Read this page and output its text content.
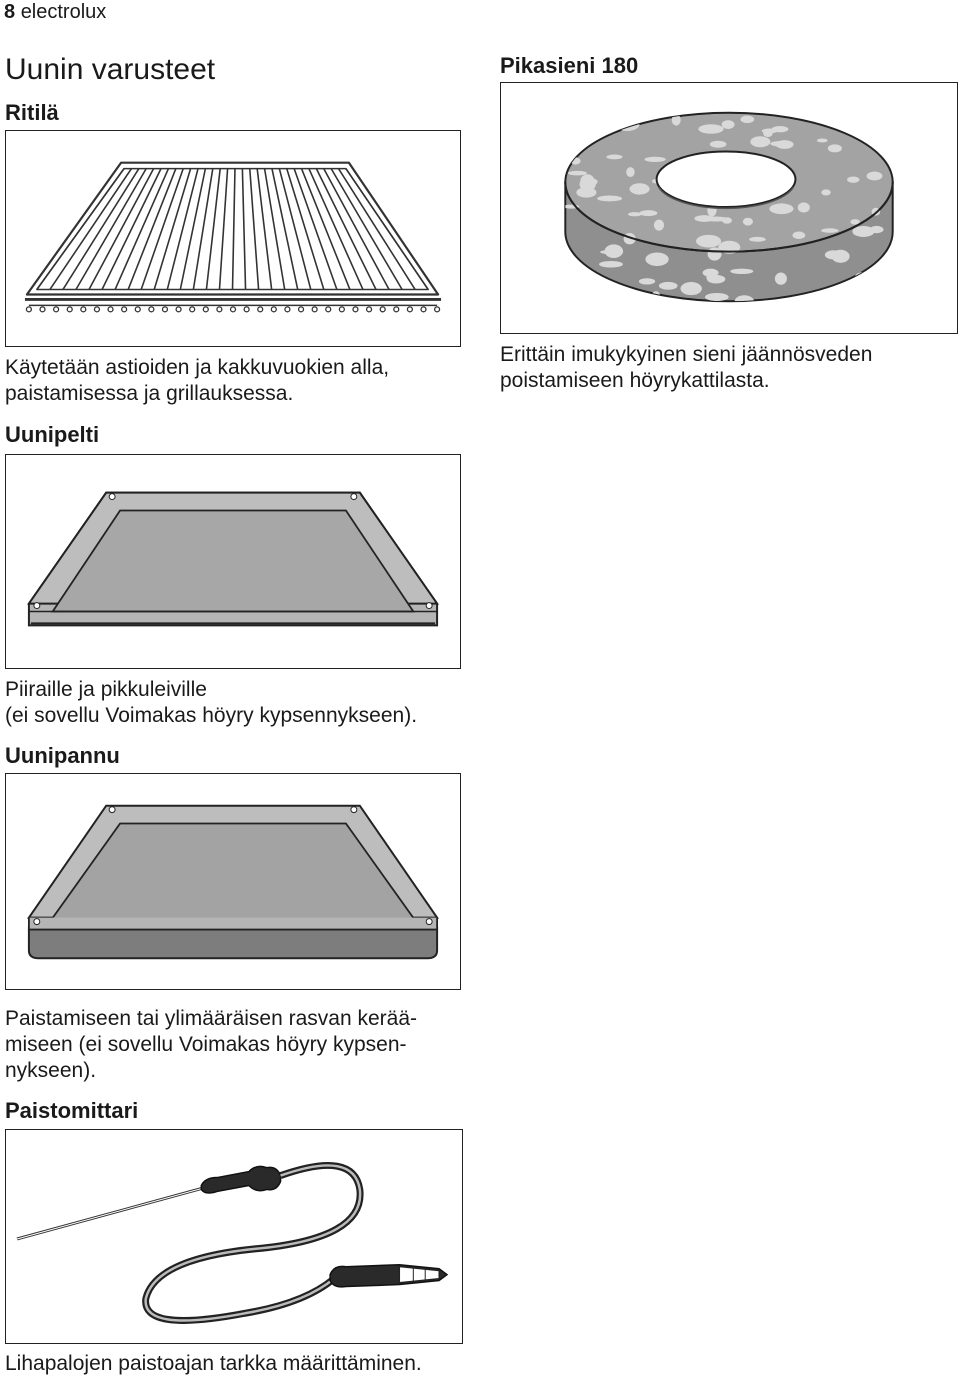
8 electrolux
Uunin varusteet
Ritilä
Käytetään astioiden ja kakkuvuokien alla,
paistamisessa ja grillauksessa.
Pikasieni 180
Erittäin imukykyinen sieni jäännösveden
poistamiseen höyrykattilasta.
Uunipelti
Piiraille ja pikkuleiville
(ei sovellu Voimakas höyry kypsennykseen).
Uunipannu
Paistamiseen tai ylimääräisen rasvan kerää-
miseen (ei sovellu Voimakas höyry kypsen-
nykseen).
Paistomittari
Lihapalojen paistoajan tarkka määrittäminen.
